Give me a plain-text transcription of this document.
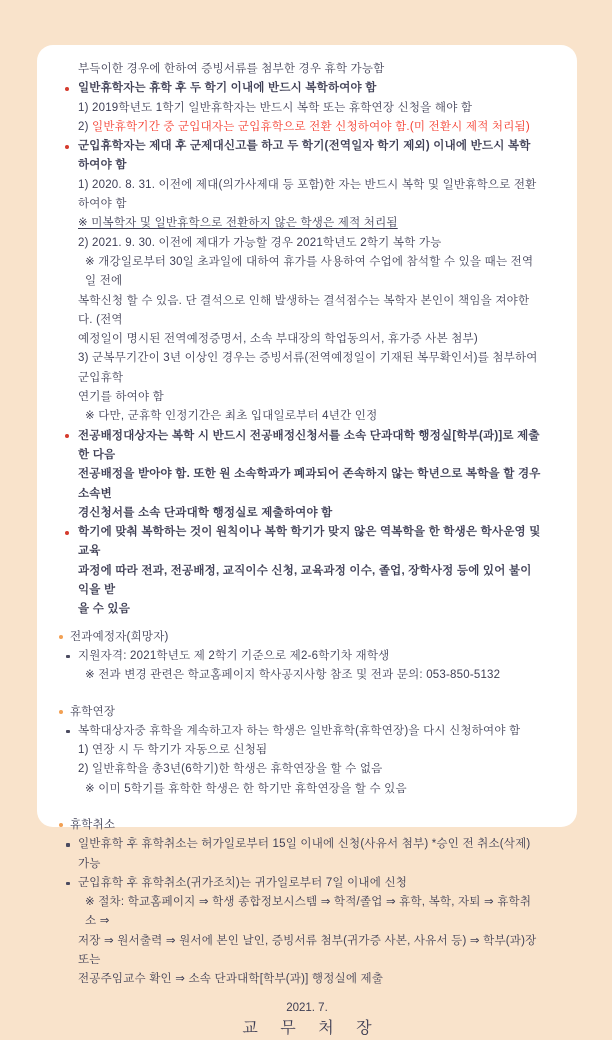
부득이한 경우에 한하여 증빙서류를 첨부한 경우 휴학 가능함
일반휴학자는 휴학 후 두 학기 이내에 반드시 복학하여야 함
1) 2019학년도 1학기 일반휴학자는 반드시 복학 또는 휴학연장 신청을 해야 함
2) 일반휴학기간 중 군입대자는 군입휴학으로 전환 신청하여야 함.(미 전환시 제적 처리됨)
군입휴학자는 제대 후 군제대신고를 하고 두 학기(전역일자 학기 제외) 이내에 반드시 복학하여야 함
1) 2020. 8. 31. 이전에 제대(의가사제대 등 포함)한 자는 반드시 복학 및 일반휴학으로 전환하여야 함
※ 미복학자 및 일반휴학으로 전환하지 않은 학생은 제적 처리됨
2) 2021. 9. 30. 이전에 제대가 가능할 경우 2021학년도 2학기 복학 가능
※ 개강일로부터 30일 초과일에 대하여 휴가를 사용하여 수업에 참석할 수 있을 때는 전역일 전에
복학신청 할 수 있음. 단 결석으로 인해 발생하는 결석점수는 복학자 본인이 책임을 져야한다. (전역
예정일이 명시된 전역예정증명서, 소속 부대장의 학업동의서, 휴가증 사본 첨부)
3) 군복무기간이 3년 이상인 경우는 증빙서류(전역예정일이 기재된 복무확인서)를 첨부하여 군입휴학
연기를 하여야 함
※ 다만, 군휴학 인정기간은 최초 입대일로부터 4년간 인정
전공배정대상자는 복학 시 반드시 전공배정신청서를 소속 단과대학 행정실[학부(과)]로 제출한 다음
전공배정을 받아야 함. 또한 원 소속학과가 폐과되어 존속하지 않는 학년으로 복학을 할 경우 소속변
경신청서를 소속 단과대학 행정실로 제출하여야 함
학기에 맞춰 복학하는 것이 원칙이나 복학 학기가 맞지 않은 역복학을 한 학생은 학사운영 및 교육
과정에 따라 전과, 전공배정, 교직이수 신청, 교육과정 이수, 졸업, 장학사정 등에 있어 불이익을 받
을 수 있음
전과예정자(희망자)
지원자격: 2021학년도 제 2학기 기준으로 제2-6학기차 재학생
※ 전과 변경 관련은 학교홈페이지 학사공지사항 참조 및 전과 문의: 053-850-5132
휴학연장
복학대상자중 휴학을 계속하고자 하는 학생은 일반휴학(휴학연장)을 다시 신청하여야 함
1) 연장 시 두 학기가 자동으로 신청됨
2) 일반휴학을 총3년(6학기)한 학생은 휴학연장을 할 수 없음
※ 이미 5학기를 휴학한 학생은 한 학기만 휴학연장을 할 수 있음
휴학취소
일반휴학 후 휴학취소는 허가일로부터 15일 이내에 신청(사유서 첨부) *승인 전 취소(삭제) 가능
군입휴학 후 휴학취소(귀가조치)는 귀가일로부터 7일 이내에 신청
※ 절차: 학교홈페이지 ⇒ 학생 종합정보시스템 ⇒ 학적/졸업 ⇒ 휴학, 복학, 자퇴 ⇒ 휴학취소 ⇒
저장 ⇒ 원서출력 ⇒ 원서에 본인 날인, 증빙서류 첨부(귀가증 사본, 사유서 등) ⇒ 학부(과)장 또는
전공주임교수 확인 ⇒ 소속 단과대학[학부(과)] 행정실에 제출
2021. 7.
교 무 처 장
